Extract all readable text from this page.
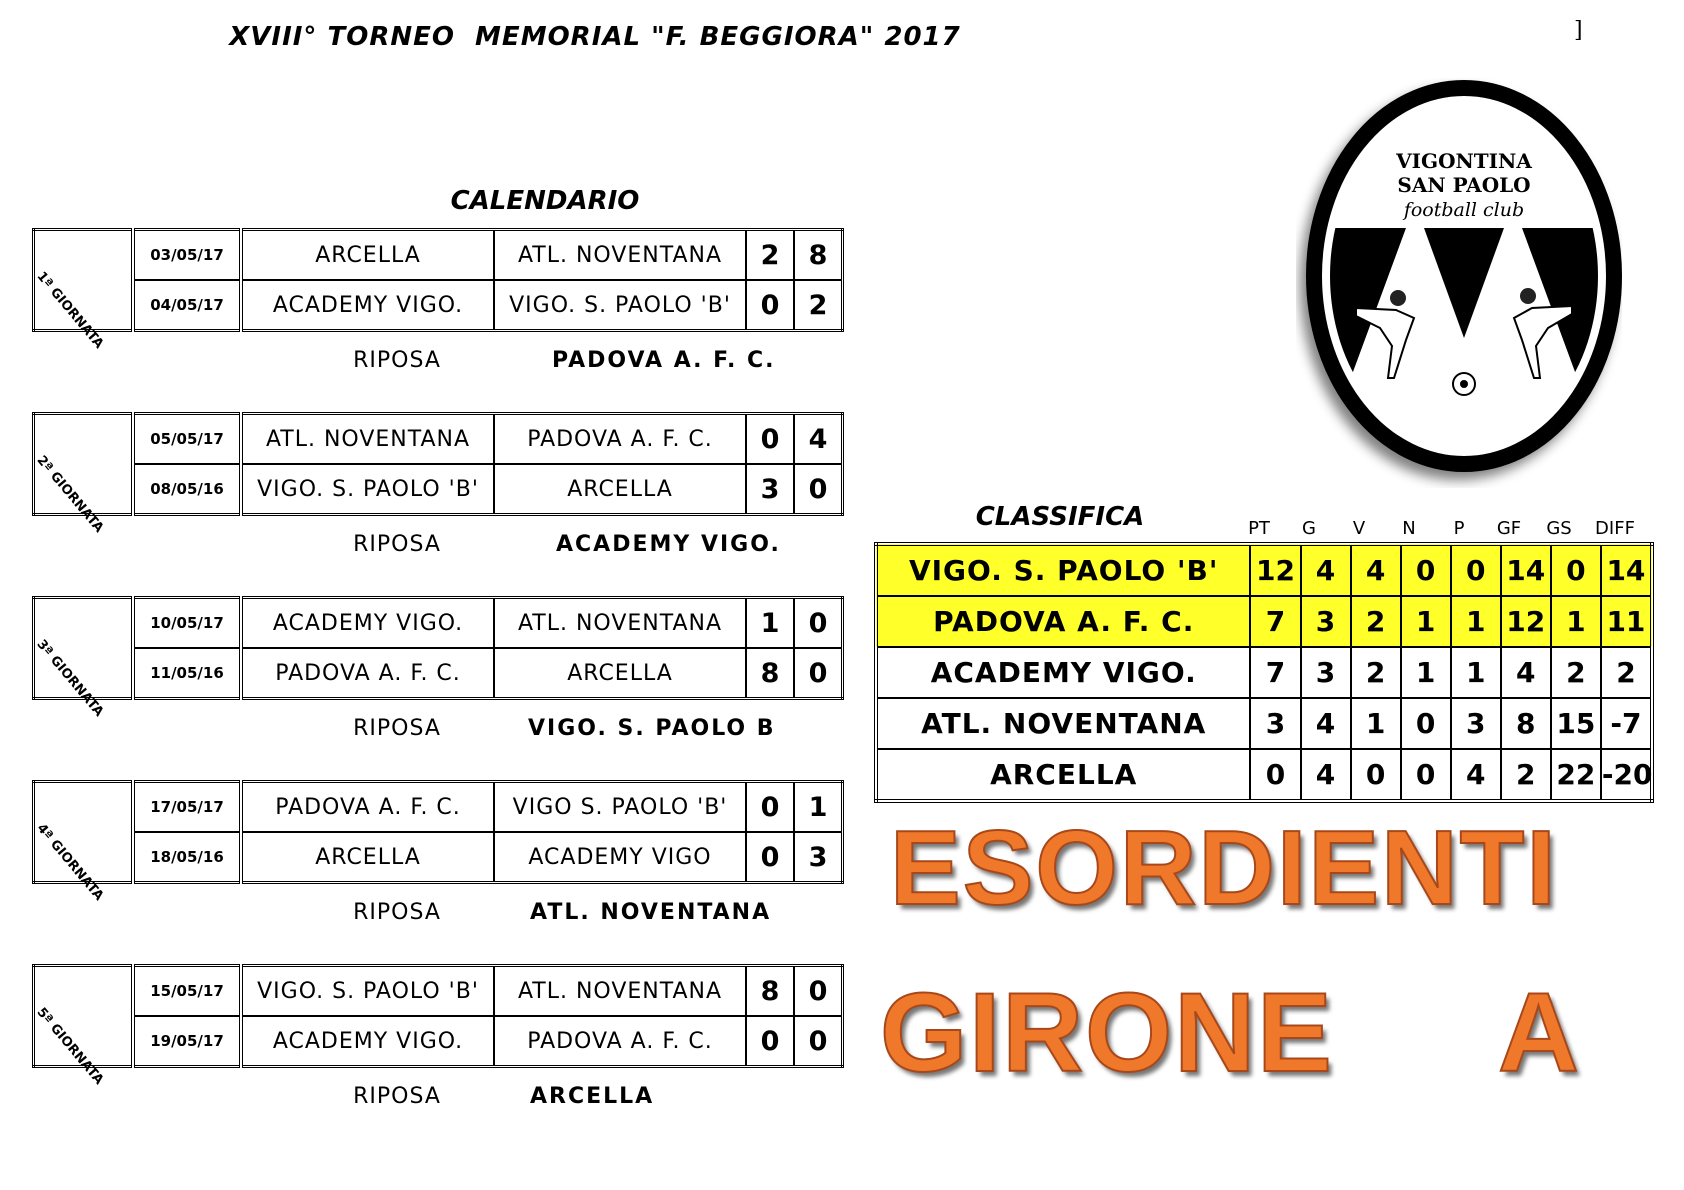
XVIII° TORNEO  MEMORIAL "F. BEGGIORA" 2017	]
CALENDARIO
1ª GIORNATA	03/05/17	ARCELLA	ATL. NOVENTANA	2	8
	04/05/17	ACADEMY VIGO.	VIGO. S. PAOLO 'B'	0	2
RIPOSA	PADOVA A. F. C.
2ª GIORNATA	05/05/17	ATL. NOVENTANA	PADOVA A. F. C.	0	4
	08/05/16	VIGO. S. PAOLO 'B'	ARCELLA	3	0
RIPOSA	ACADEMY VIGO.
3ª GIORNATA	10/05/17	ACADEMY VIGO.	ATL. NOVENTANA	1	0
	11/05/16	PADOVA A. F. C.	ARCELLA	8	0
RIPOSA	VIGO. S. PAOLO B
4ª GIORNATA	17/05/17	PADOVA A. F. C.	VIGO S. PAOLO 'B'	0	1
	18/05/16	ARCELLA	ACADEMY VIGO	0	3
RIPOSA	ATL. NOVENTANA
5ª GIORNATA	15/05/17	VIGO. S. PAOLO 'B'	ATL. NOVENTANA	8	0
	19/05/17	ACADEMY VIGO.	PADOVA A. F. C.	0	0
RIPOSA	ARCELLA
CLASSIFICA	PT	G	V	N	P	GF	GS	DIFF
VIGO. S. PAOLO 'B'	12	4	4	0	0	14	0	14
PADOVA A. F. C.	7	3	2	1	1	12	1	11
ACADEMY VIGO.	7	3	2	1	1	4	2	2
ATL. NOVENTANA	3	4	1	0	3	8	15	-7
ARCELLA	0	4	0	0	4	2	22	-20
ESORDIENTI
GIRONE A
VIGONTINA
SAN PAOLO
football club
